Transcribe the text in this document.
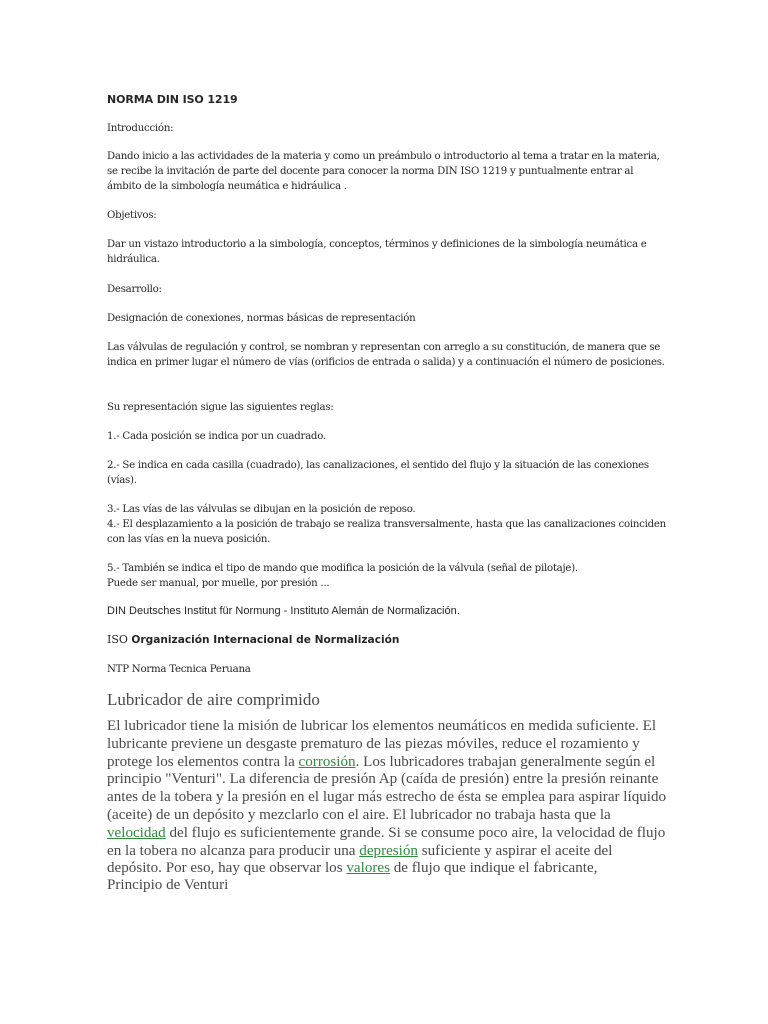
NORMA DIN ISO 1219

Introducción:

Dando inicio a las actividades de la materia y como un preámbulo o introductorio al tema a tratar en la materia, se recibe la invitación de parte del docente para conocer la norma DIN ISO 1219 y puntualmente entrar al ámbito de la simbología neumática e hidráulica .

Objetivos:

Dar un vistazo introductorio a la simbología, conceptos, términos y definiciones de la simbología neumática e hidráulica.

Desarrollo:

Designación de conexiones, normas básicas de representación

Las válvulas de regulación y control, se nombran y representan con arreglo a su constitución, de manera que se indica en primer lugar el número de vías (orificios de entrada o salida) y a continuación el número de posiciones.

Su representación sigue las siguientes reglas:

1.- Cada posición se indica por un cuadrado.

2.- Se indica en cada casilla (cuadrado), las canalizaciones, el sentido del flujo y la situación de las conexiones (vías).

3.- Las vías de las válvulas se dibujan en la posición de reposo.

4.- El desplazamiento a la posición de trabajo se realiza transversalmente, hasta que las canalizaciones coinciden con las vías en la nueva posición.

5.- También se indica el tipo de mando que modifica la posición de la válvula (señal de pilotaje).

Puede ser manual, por muelle, por presión ...

DIN Deutsches Institut für Normung - Instituto Alemán de Normalización.

ISO Organización Internacional de Normalización

NTP Norma Tecnica Peruana

Lubricador de aire comprimido

El lubricador tiene la misión de lubricar los elementos neumáticos en medida suficiente. El lubricante previene un desgaste prematuro de las piezas móviles, reduce el rozamiento y protege los elementos contra la corrosión. Los lubricadores trabajan generalmente según el principio "Venturi". La diferencia de presión Ap (caída de presión) entre la presión reinante antes de la tobera y la presión en el lugar más estrecho de ésta se emplea para aspirar líquido (aceite) de un depósito y mezclarlo con el aire. El lubricador no trabaja hasta que la velocidad del flujo es suficientemente grande. Si se consume poco aire, la velocidad de flujo en la tobera no alcanza para producir una depresión suficiente y aspirar el aceite del depósito. Por eso, hay que observar los valores de flujo que indique el fabricante,

Principio de Venturi
